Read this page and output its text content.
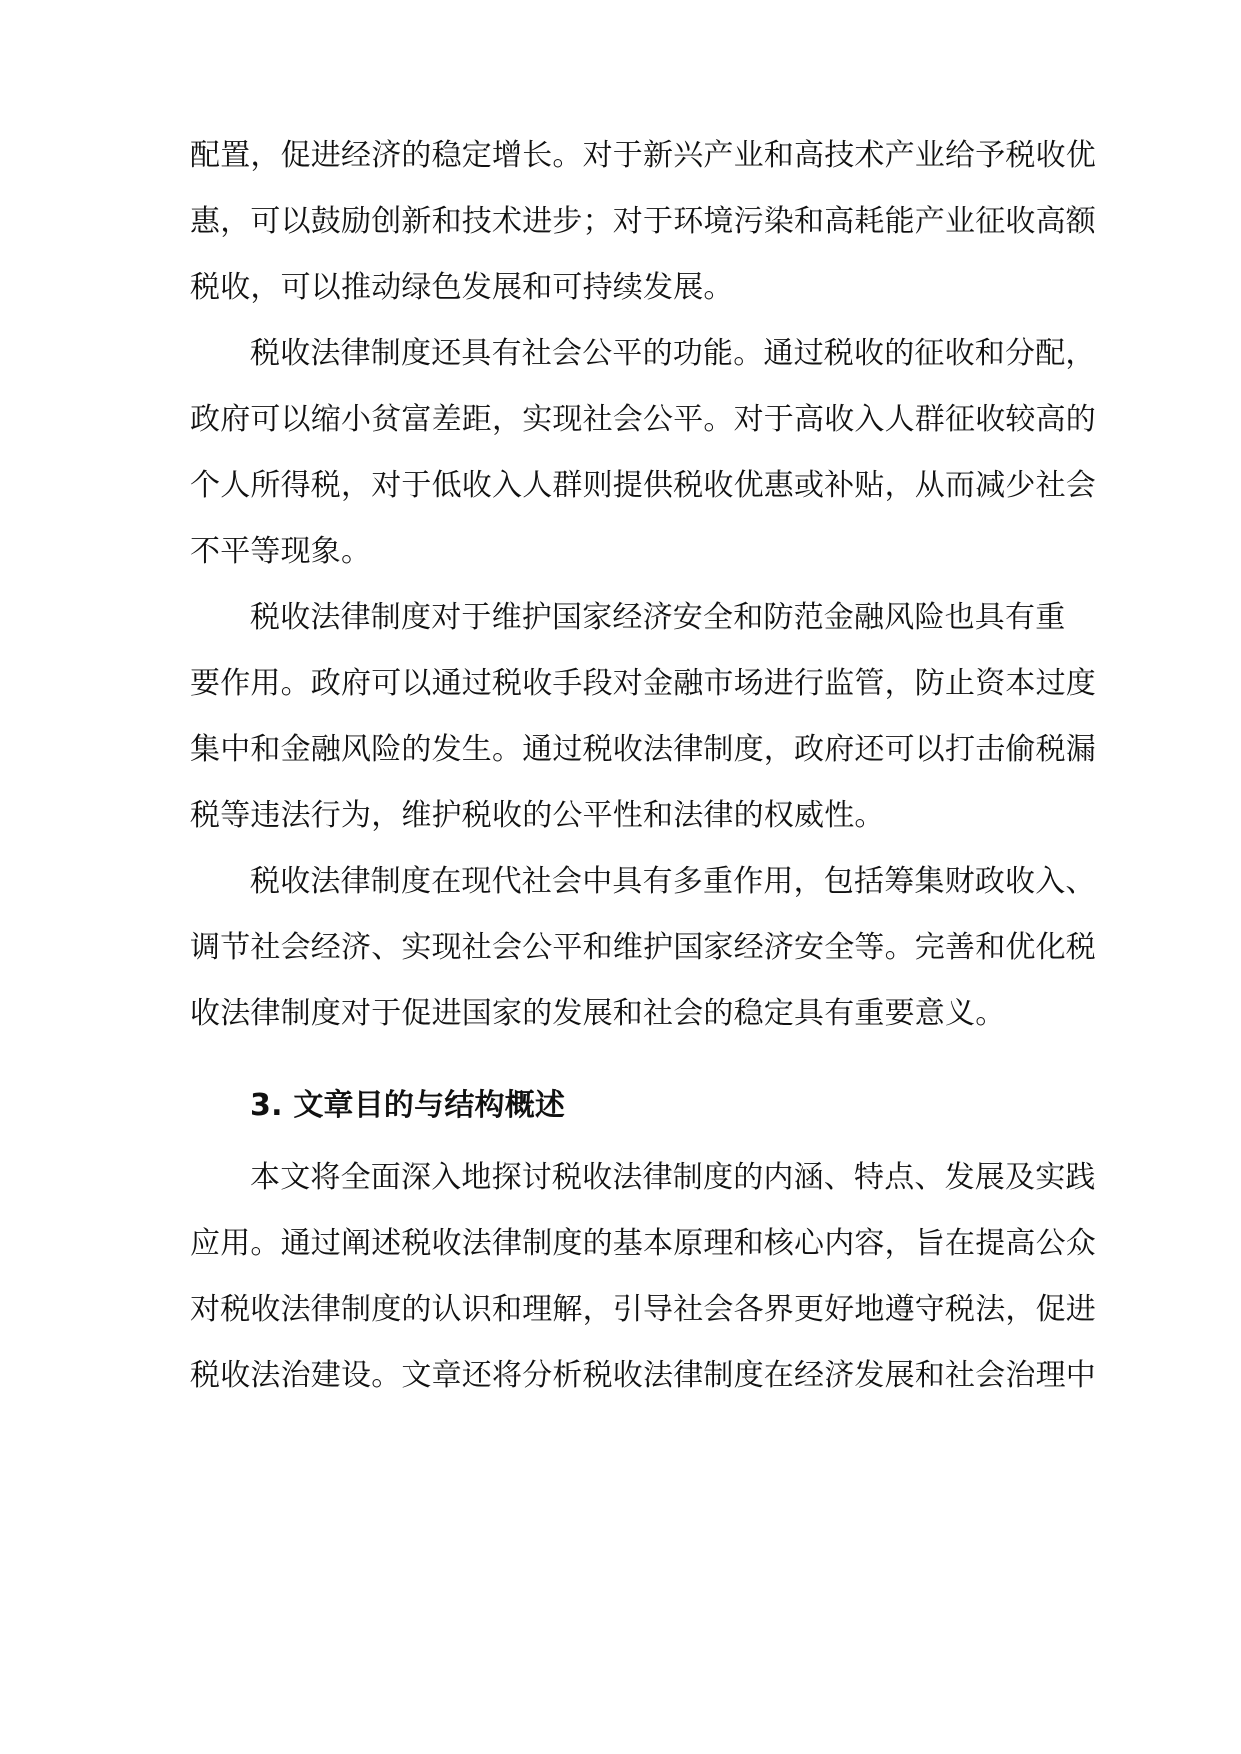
配置，促进经济的稳定增长。对于新兴产业和高技术产业给予税收优
惠，可以鼓励创新和技术进步；对于环境污染和高耗能产业征收高额
税收，可以推动绿色发展和可持续发展。
税收法律制度还具有社会公平的功能。通过税收的征收和分配，
政府可以缩小贫富差距，实现社会公平。对于高收入人群征收较高的
个人所得税，对于低收入人群则提供税收优惠或补贴，从而减少社会
不平等现象。
税收法律制度对于维护国家经济安全和防范金融风险也具有重
要作用。政府可以通过税收手段对金融市场进行监管，防止资本过度
集中和金融风险的发生。通过税收法律制度，政府还可以打击偷税漏
税等违法行为，维护税收的公平性和法律的权威性。
税收法律制度在现代社会中具有多重作用，包括筹集财政收入、
调节社会经济、实现社会公平和维护国家经济安全等。完善和优化税
收法律制度对于促进国家的发展和社会的稳定具有重要意义。
3. 文章目的与结构概述
本文将全面深入地探讨税收法律制度的内涵、特点、发展及实践
应用。通过阐述税收法律制度的基本原理和核心内容，旨在提高公众
对税收法律制度的认识和理解，引导社会各界更好地遵守税法，促进
税收法治建设。文章还将分析税收法律制度在经济发展和社会治理中
